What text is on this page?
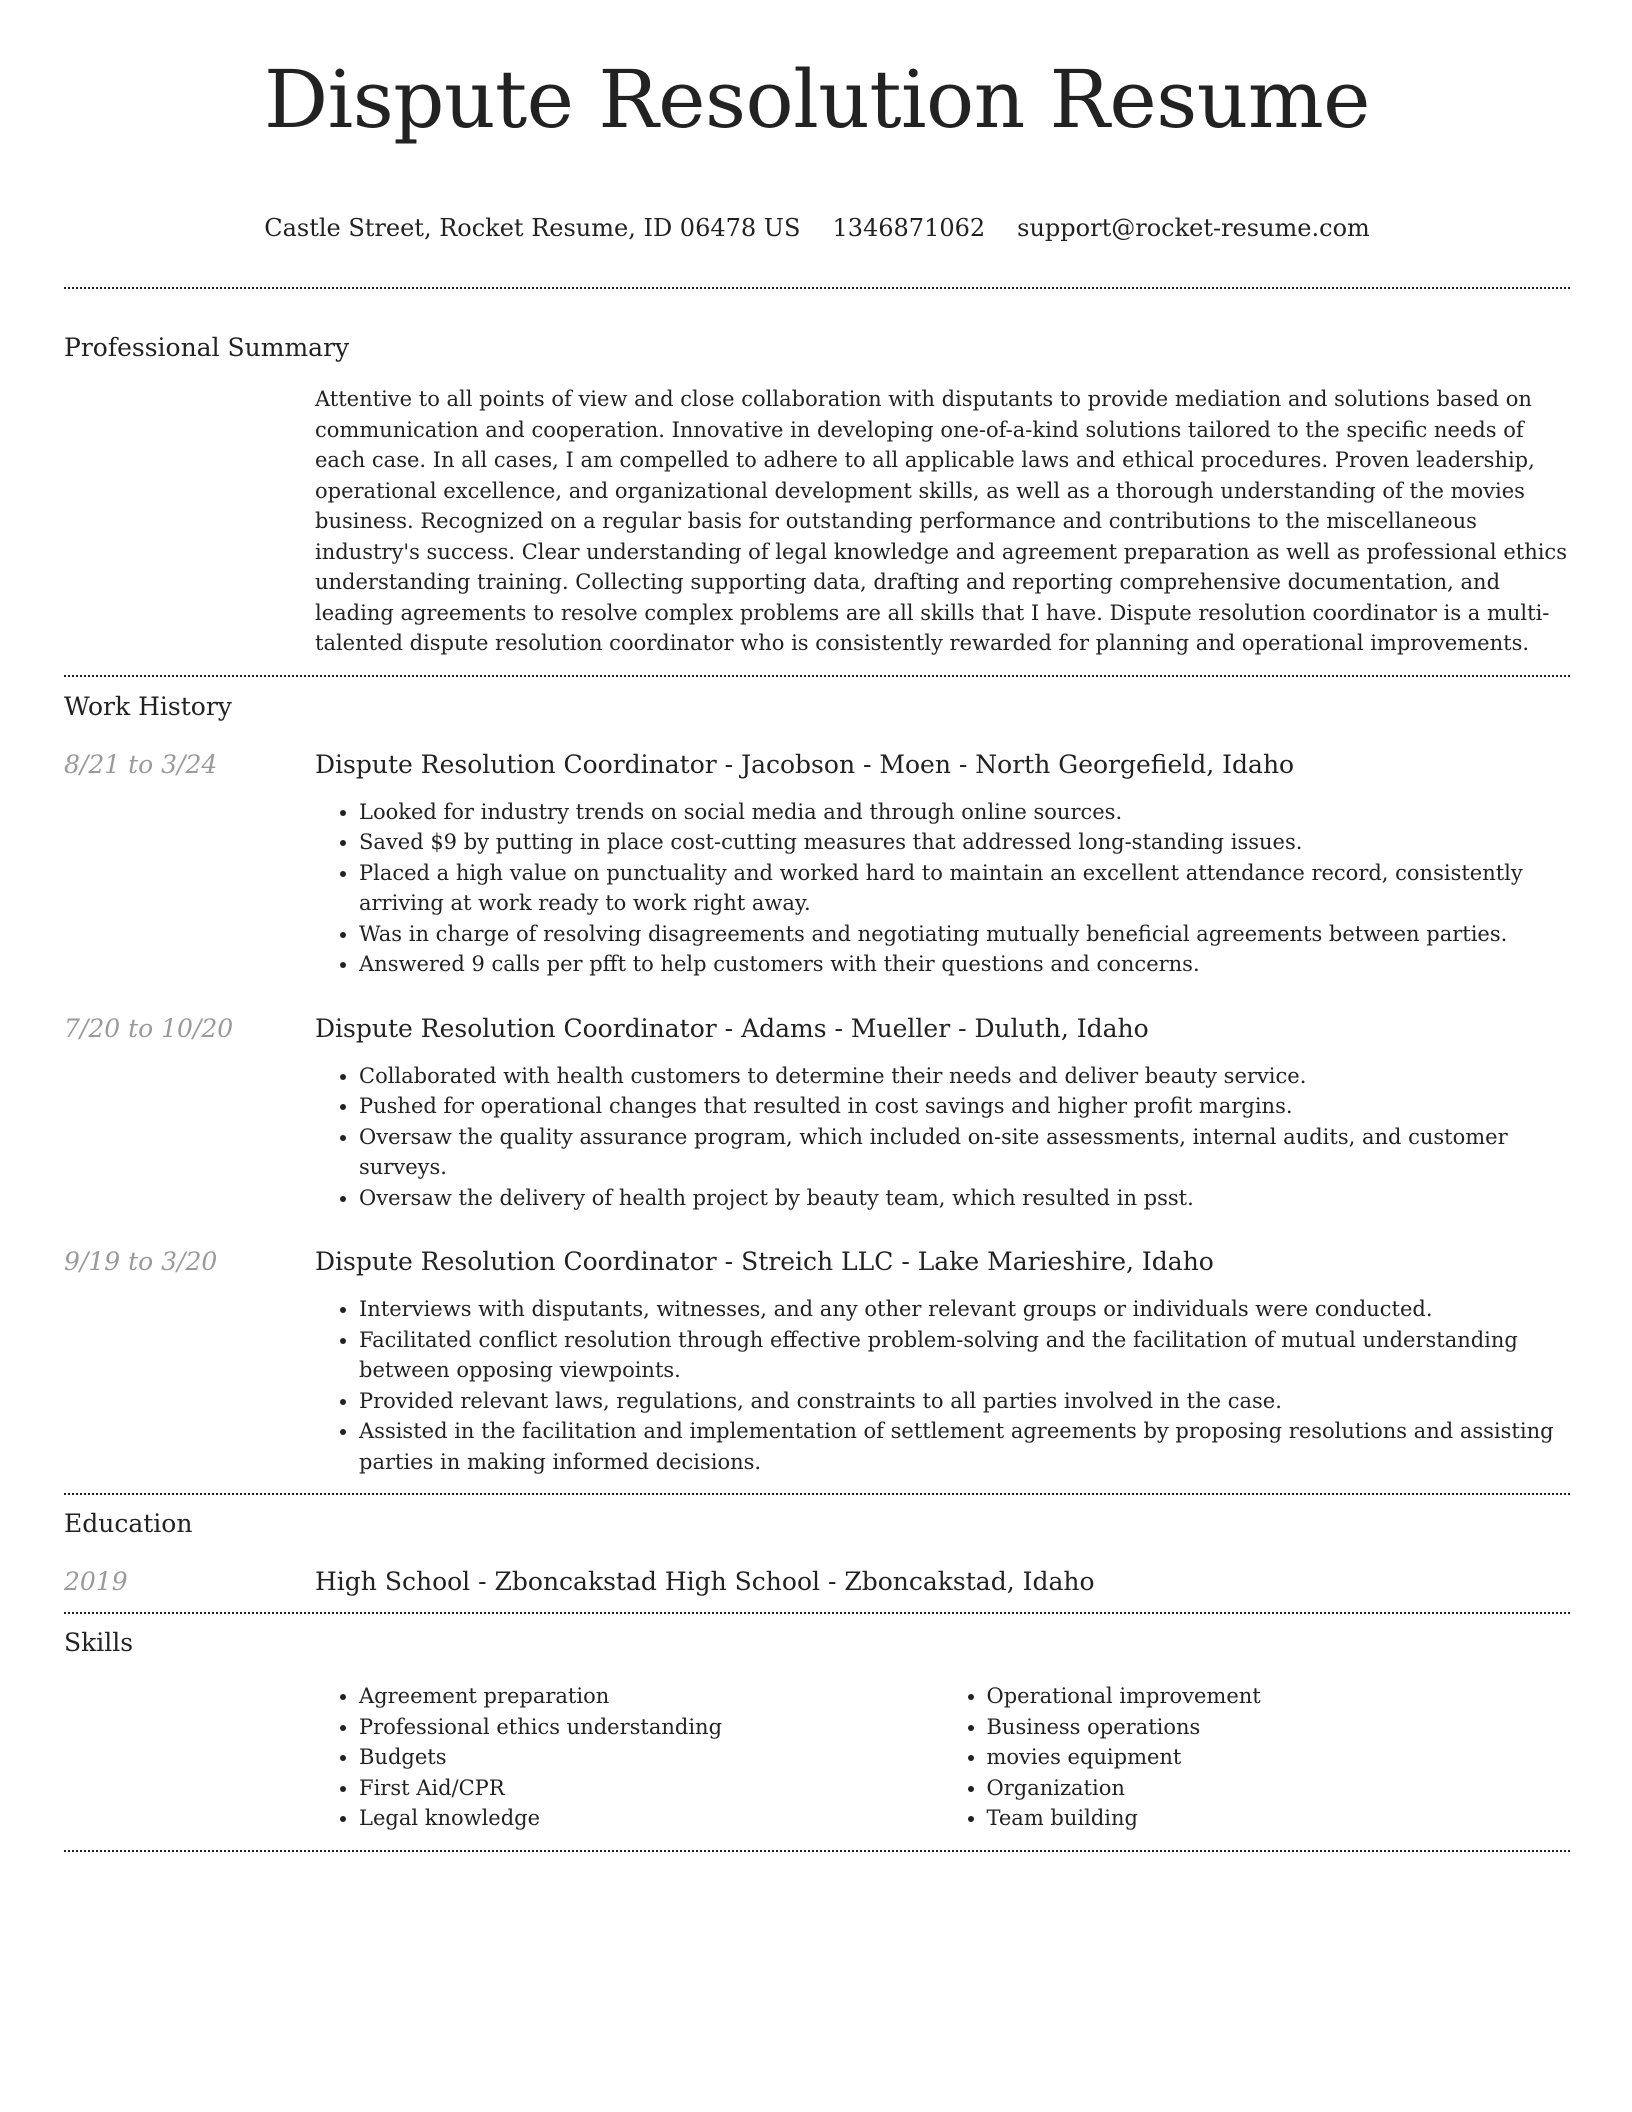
Dispute Resolution Resume
Castle Street, Rocket Resume, ID 06478 US 1346871062 support@rocket-resume.com
Professional Summary
Attentive to all points of view and close collaboration with disputants to provide mediation and solutions based on communication and cooperation. Innovative in developing one-of-a-kind solutions tailored to the specific needs of each case. In all cases, I am compelled to adhere to all applicable laws and ethical procedures. Proven leadership, operational excellence, and organizational development skills, as well as a thorough understanding of the movies business. Recognized on a regular basis for outstanding performance and contributions to the miscellaneous industry's success. Clear understanding of legal knowledge and agreement preparation as well as professional ethics understanding training. Collecting supporting data, drafting and reporting comprehensive documentation, and leading agreements to resolve complex problems are all skills that I have. Dispute resolution coordinator is a multi-talented dispute resolution coordinator who is consistently rewarded for planning and operational improvements.
Work History
8/21 to 3/24	Dispute Resolution Coordinator - Jacobson - Moen - North Georgefield, Idaho
• Looked for industry trends on social media and through online sources.
• Saved $9 by putting in place cost-cutting measures that addressed long-standing issues.
• Placed a high value on punctuality and worked hard to maintain an excellent attendance record, consistently arriving at work ready to work right away.
• Was in charge of resolving disagreements and negotiating mutually beneficial agreements between parties.
• Answered 9 calls per pfft to help customers with their questions and concerns.
7/20 to 10/20	Dispute Resolution Coordinator - Adams - Mueller - Duluth, Idaho
• Collaborated with health customers to determine their needs and deliver beauty service.
• Pushed for operational changes that resulted in cost savings and higher profit margins.
• Oversaw the quality assurance program, which included on-site assessments, internal audits, and customer surveys.
• Oversaw the delivery of health project by beauty team, which resulted in psst.
9/19 to 3/20	Dispute Resolution Coordinator - Streich LLC - Lake Marieshire, Idaho
• Interviews with disputants, witnesses, and any other relevant groups or individuals were conducted.
• Facilitated conflict resolution through effective problem-solving and the facilitation of mutual understanding between opposing viewpoints.
• Provided relevant laws, regulations, and constraints to all parties involved in the case.
• Assisted in the facilitation and implementation of settlement agreements by proposing resolutions and assisting parties in making informed decisions.
Education
2019	High School - Zboncakstad High School - Zboncakstad, Idaho
Skills
• Agreement preparation
• Professional ethics understanding
• Budgets
• First Aid/CPR
• Legal knowledge
• Operational improvement
• Business operations
• movies equipment
• Organization
• Team building
